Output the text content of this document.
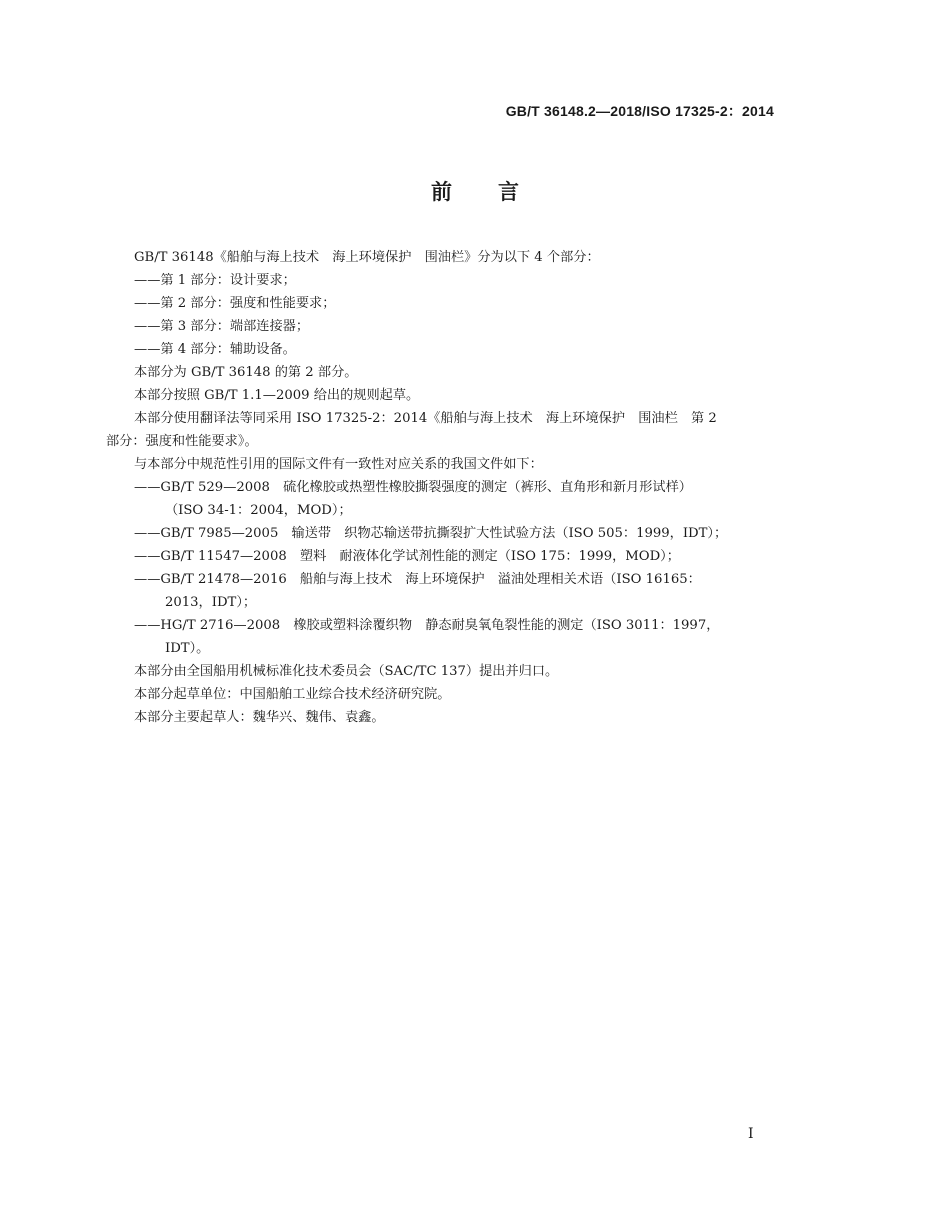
GB/T 36148.2—2018/ISO 17325-2：2014
前言
GB/T 36148《船舶与海上技术　海上环境保护　围油栏》分为以下 4 个部分：
——第 1 部分：设计要求；
——第 2 部分：强度和性能要求；
——第 3 部分：端部连接器；
——第 4 部分：辅助设备。
本部分为 GB/T 36148 的第 2 部分。
本部分按照 GB/T 1.1—2009 给出的规则起草。
本部分使用翻译法等同采用 ISO 17325-2：2014《船舶与海上技术　海上环境保护　围油栏　第 2
部分：强度和性能要求》。
与本部分中规范性引用的国际文件有一致性对应关系的我国文件如下：
——GB/T 529—2008　硫化橡胶或热塑性橡胶撕裂强度的测定（裤形、直角形和新月形试样）
（ISO 34-1：2004，MOD）；
——GB/T 7985—2005　输送带　织物芯输送带抗撕裂扩大性试验方法（ISO 505：1999，IDT）；
——GB/T 11547—2008　塑料　耐液体化学试剂性能的测定（ISO 175：1999，MOD）；
——GB/T 21478—2016　船舶与海上技术　海上环境保护　溢油处理相关术语（ISO 16165：
2013，IDT）；
——HG/T 2716—2008　橡胶或塑料涂覆织物　静态耐臭氧龟裂性能的测定（ISO 3011：1997，
IDT）。
本部分由全国船用机械标准化技术委员会（SAC/TC 137）提出并归口。
本部分起草单位：中国船舶工业综合技术经济研究院。
本部分主要起草人：魏华兴、魏伟、袁鑫。
I
